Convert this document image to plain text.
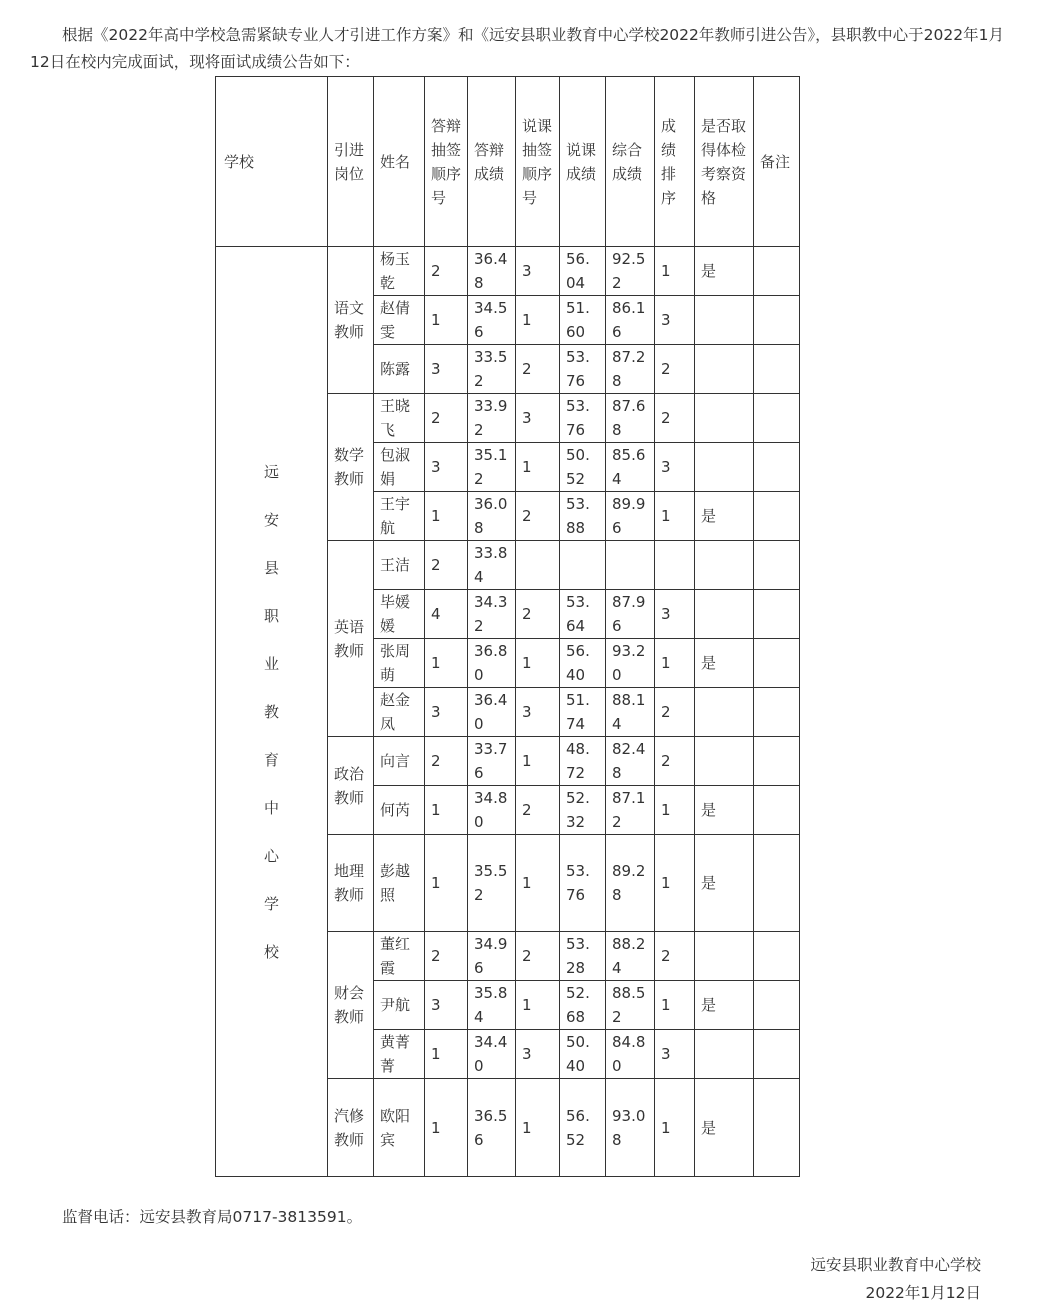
根据《2022年高中学校急需紧缺专业人才引进工作方案》和《远安县职业教育中心学校2022年教师引进公告》，县职教中心于2022年1月12日在校内完成面试，现将面试成绩公告如下：
学校	引进岗位	姓名	答辩抽签顺序号	答辩成绩	说课抽签顺序号	说课成绩	综合成绩	成绩排序	是否取得体检考察资格	备注

远安县职业教育中心学校	语文教师	杨玉乾	2	36.48	3	56.04	92.52	1	是	
		赵倩雯	1	34.56	1	51.60	86.16	3		
		陈露	3	33.52	2	53.76	87.28	2		

	数学教师	王晓飞	2	33.92	3	53.76	87.68	2		
		包淑娟	3	35.12	1	50.52	85.64	3		
		王宇航	1	36.08	2	53.88	89.96	1	是	

	英语教师	王洁	2	33.84						
		毕媛媛	4	34.32	2	53.64	87.96	3		
		张周萌	1	36.80	1	56.40	93.20	1	是	
		赵金凤	3	36.40	3	51.74	88.14	2		

	政治教师	向言	2	33.76	1	48.72	82.48	2		
		何芮	1	34.80	2	52.32	87.12	1	是	

	地理教师	彭越照	1	35.52	1	53.76	89.28	1	是	

	财会教师	董红霞	2	34.96	2	53.28	88.24	2		
		尹航	3	35.84	1	52.68	88.52	1	是	
		黄菁菁	1	34.40	3	50.40	84.80	3		

	汽修教师	欧阳宾	1	36.56	1	56.52	93.08	1	是	
监督电话：远安县教育局0717-3813591。
远安县职业教育中心学校
2022年1月12日
